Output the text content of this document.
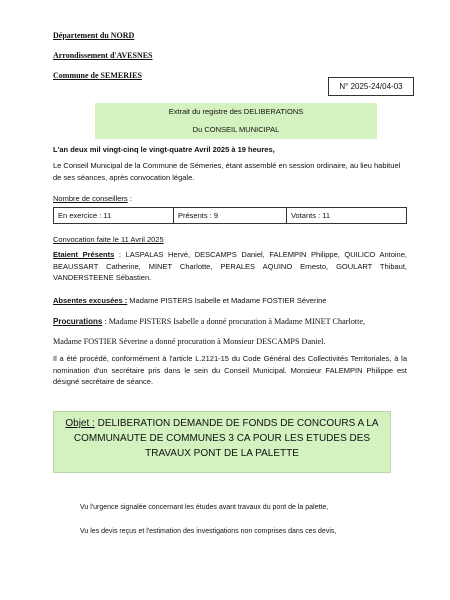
Département du NORD
Arrondissement d'AVESNES
Commune de SEMERIES
N° 2025-24/04-03
Extrait du registre des DELIBERATIONS
Du CONSEIL MUNICIPAL
L'an deux mil vingt-cinq le vingt-quatre Avril 2025 à 19 heures,
Le Conseil Municipal de la Commune de Sémeries, étant assemblé en session ordinaire, au lieu habituel de ses séances, après convocation légale.
Nombre de conseillers :
En exercice : 11	Présents : 9	Votants : 11
Convocation faite le 11 Avril 2025
Etaient Présents : LASPALAS Hervé, DESCAMPS Daniel, FALEMPIN Philippe, QUILICO Antoine, BEAUSSART Catherine, MINET Charlotte, PERALES AQUINO Ernesto, GOULART Thibaut, VANDERSTEENE Sébastien.
Absentes excusées : Madame PISTERS Isabelle et Madame FOSTIER Séverine
Procurations : Madame PISTERS Isabelle a donné procuration à Madame MINET Charlotte,
Madame FOSTIER Séverine a donné procuration à Monsieur DESCAMPS Daniel.
Il a été procédé, conformément à l'article L.2121-15 du Code Général des Collectivités Territoriales, à la nomination d'un secrétaire pris dans le sein du Conseil Municipal. Monsieur FALEMPIN Philippe est désigné secrétaire de séance.
Objet : DELIBERATION DEMANDE DE FONDS DE CONCOURS A LA COMMUNAUTE DE COMMUNES 3 CA POUR LES ETUDES DES TRAVAUX PONT DE LA PALETTE
Vu l'urgence signalée concernant les études avant travaux du pont de la palette,
Vu les devis reçus et l'estimation des investigations non comprises dans ces devis,
